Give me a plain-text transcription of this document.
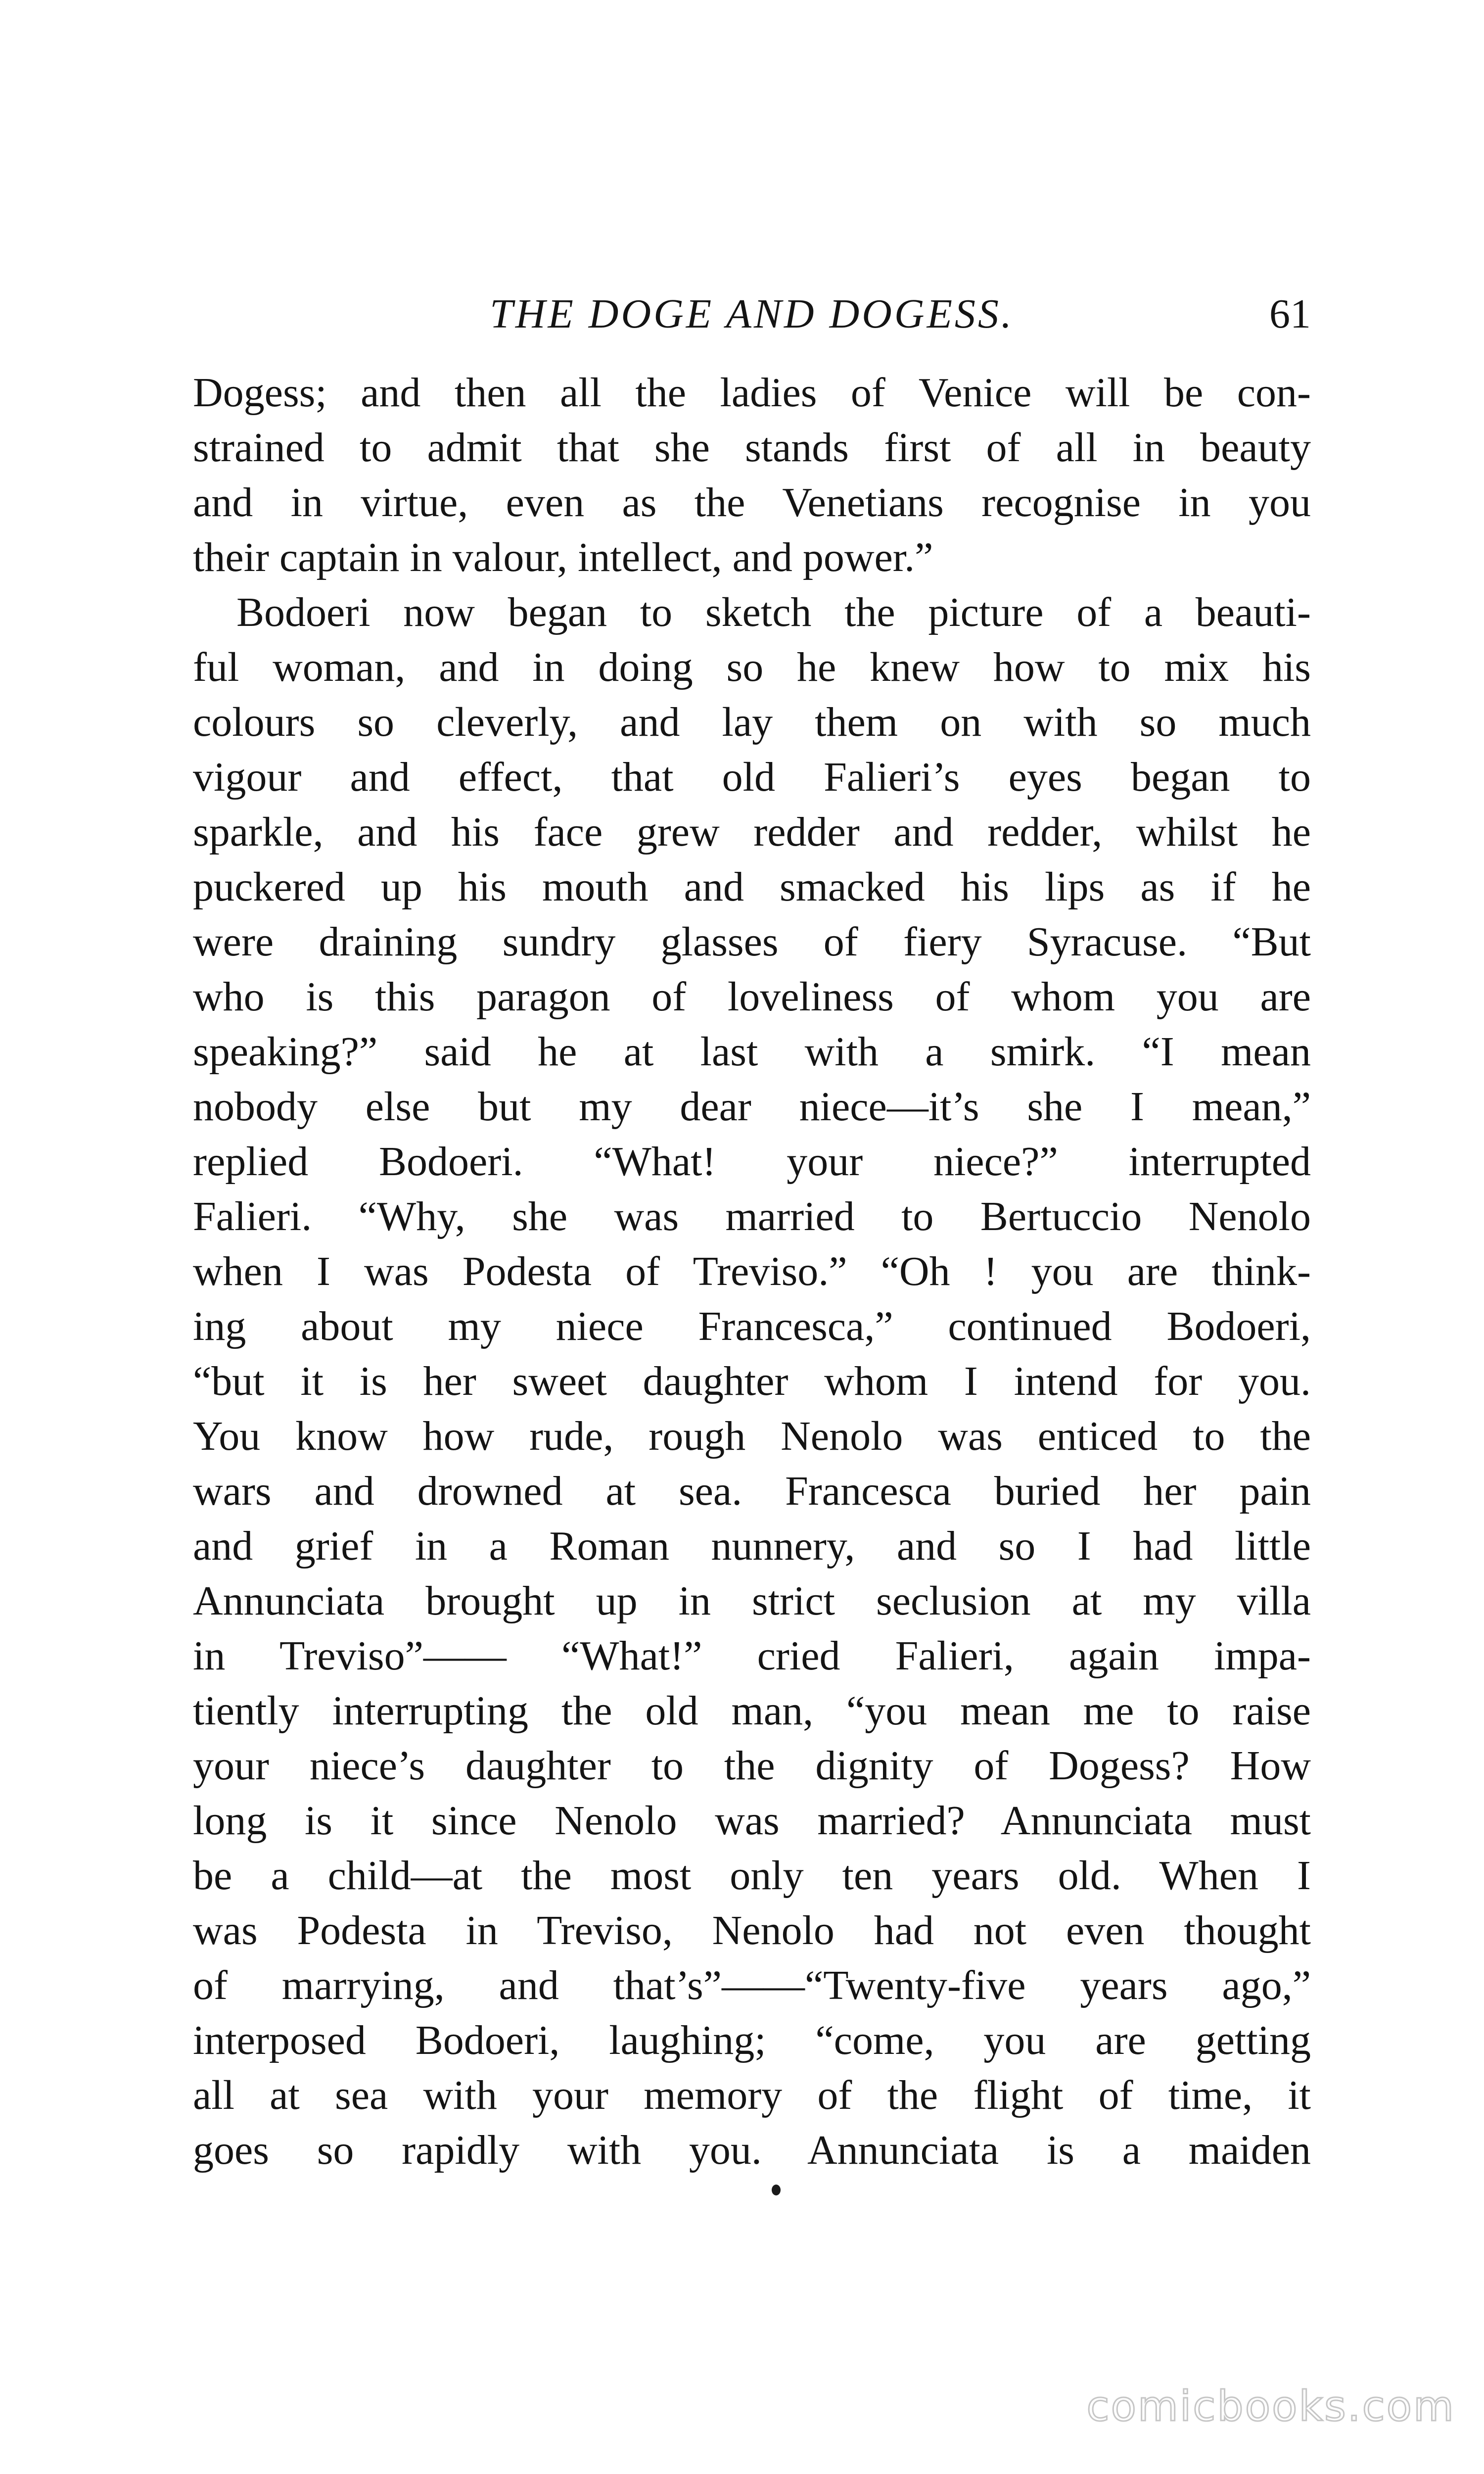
THE DOGE AND DOGESS.	61
Dogess; and then all the ladies of Venice will be con-
strained to admit that she stands first of all in beauty
and in virtue, even as the Venetians recognise in you
their captain in valour, intellect, and power.”
Bodoeri now began to sketch the picture of a beauti-
ful woman, and in doing so he knew how to mix his
colours so cleverly, and lay them on with so much
vigour and effect, that old Falieri’s eyes began to
sparkle, and his face grew redder and redder, whilst he
puckered up his mouth and smacked his lips as if he
were draining sundry glasses of fiery Syracuse. “But
who is this paragon of loveliness of whom you are
speaking?” said he at last with a smirk. “I mean
nobody else but my dear niece—it’s she I mean,”
replied Bodoeri. “What! your niece?” interrupted
Falieri. “Why, she was married to Bertuccio Nenolo
when I was Podesta of Treviso.” “Oh ! you are think-
ing about my niece Francesca,” continued Bodoeri,
“but it is her sweet daughter whom I intend for you.
You know how rude, rough Nenolo was enticed to the
wars and drowned at sea. Francesca buried her pain
and grief in a Roman nunnery, and so I had little
Annunciata brought up in strict seclusion at my villa
in Treviso”—— “What!” cried Falieri, again impa-
tiently interrupting the old man, “you mean me to raise
your niece’s daughter to the dignity of Dogess? How
long is it since Nenolo was married? Annunciata must
be a child—at the most only ten years old. When I
was Podesta in Treviso, Nenolo had not even thought
of marrying, and that’s”——“Twenty-five years ago,”
interposed Bodoeri, laughing; “come, you are getting
all at sea with your memory of the flight of time, it
goes so rapidly with you. Annunciata is a maiden
comicbooks.com
